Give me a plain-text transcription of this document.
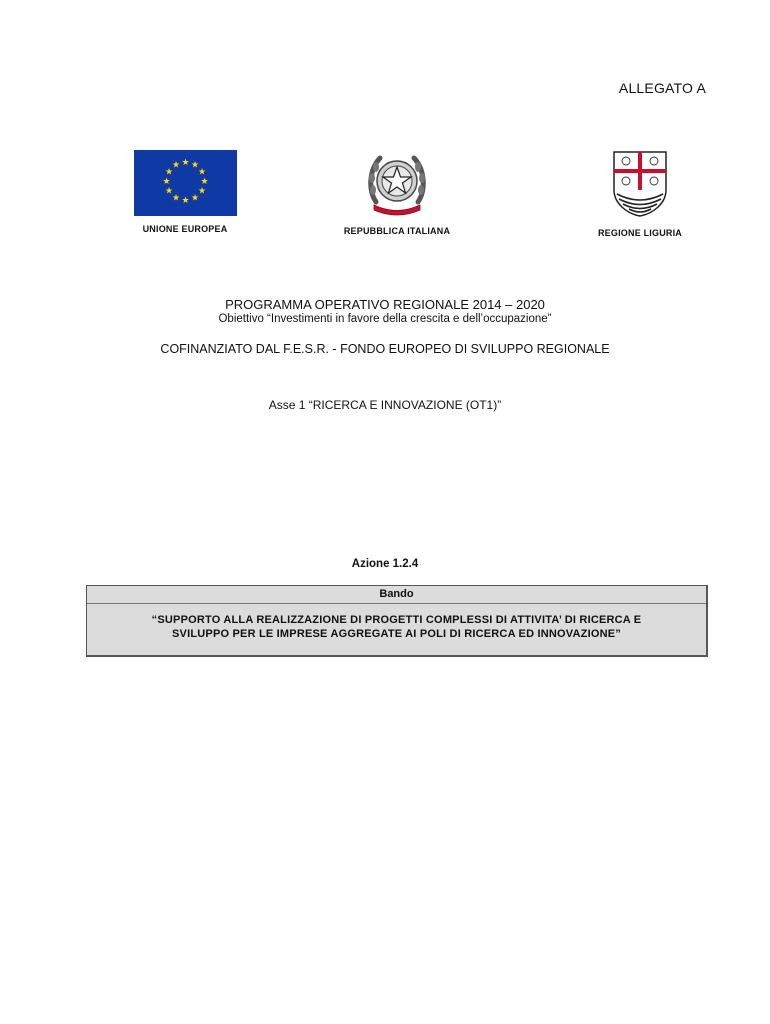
ALLEGATO A
★ ★
★
★
★
★
★
★
★
★
★
★
UNIONE EUROPEA	REPUBBLICA ITALIANA	REGIONE LIGURIA
PROGRAMMA OPERATIVO REGIONALE 2014 – 2020
Obiettivo “Investimenti in favore della crescita e dell’occupazione”
COFINANZIATO DAL F.E.S.R. - FONDO EUROPEO DI SVILUPPO REGIONALE
Asse 1 “RICERCA E INNOVAZIONE (OT1)”
Azione 1.2.4
Bando
“SUPPORTO ALLA REALIZZAZIONE DI PROGETTI COMPLESSI DI ATTIVITA’ DI RICERCA E
SVILUPPO PER LE IMPRESE AGGREGATE AI POLI DI RICERCA ED INNOVAZIONE”
